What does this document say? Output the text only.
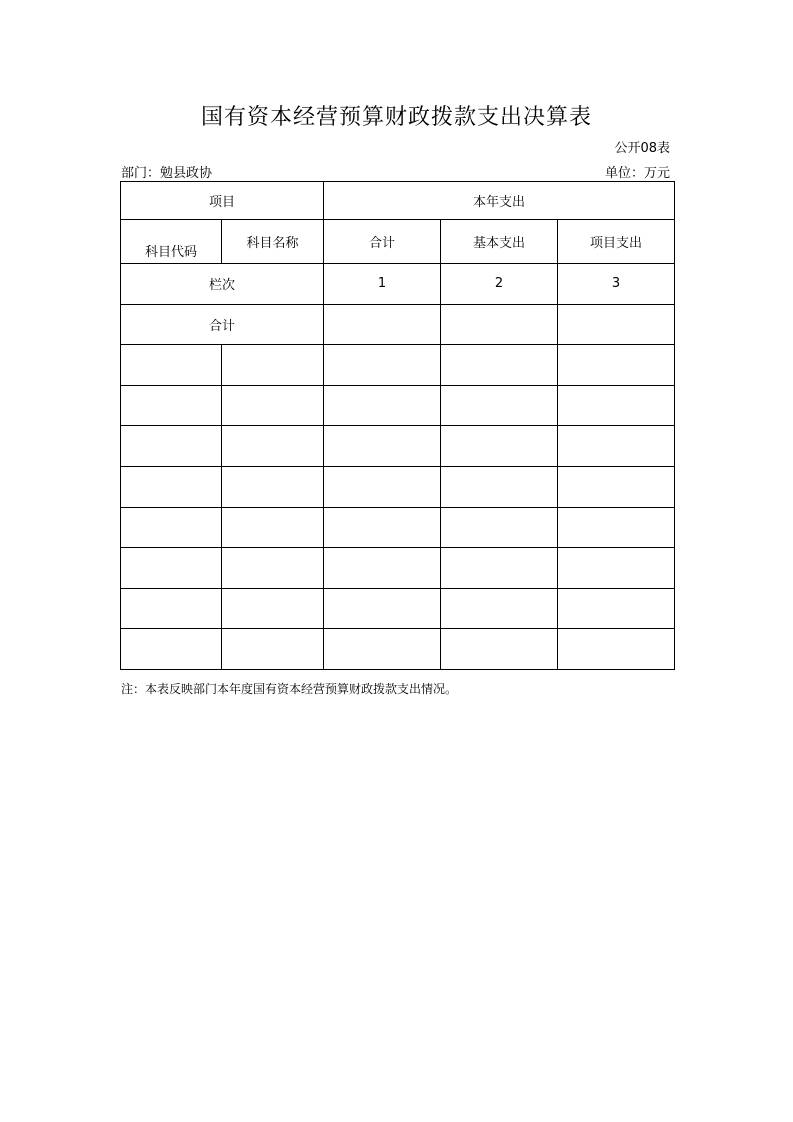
国有资本经营预算财政拨款支出决算表
公开08表
部门：勉县政协	单位：万元
项目		本年支出		
科目代码	科目名称	合计	基本支出	项目支出
栏次		1	2	3
合计				

注：本表反映部门本年度国有资本经营预算财政拨款支出情况。
